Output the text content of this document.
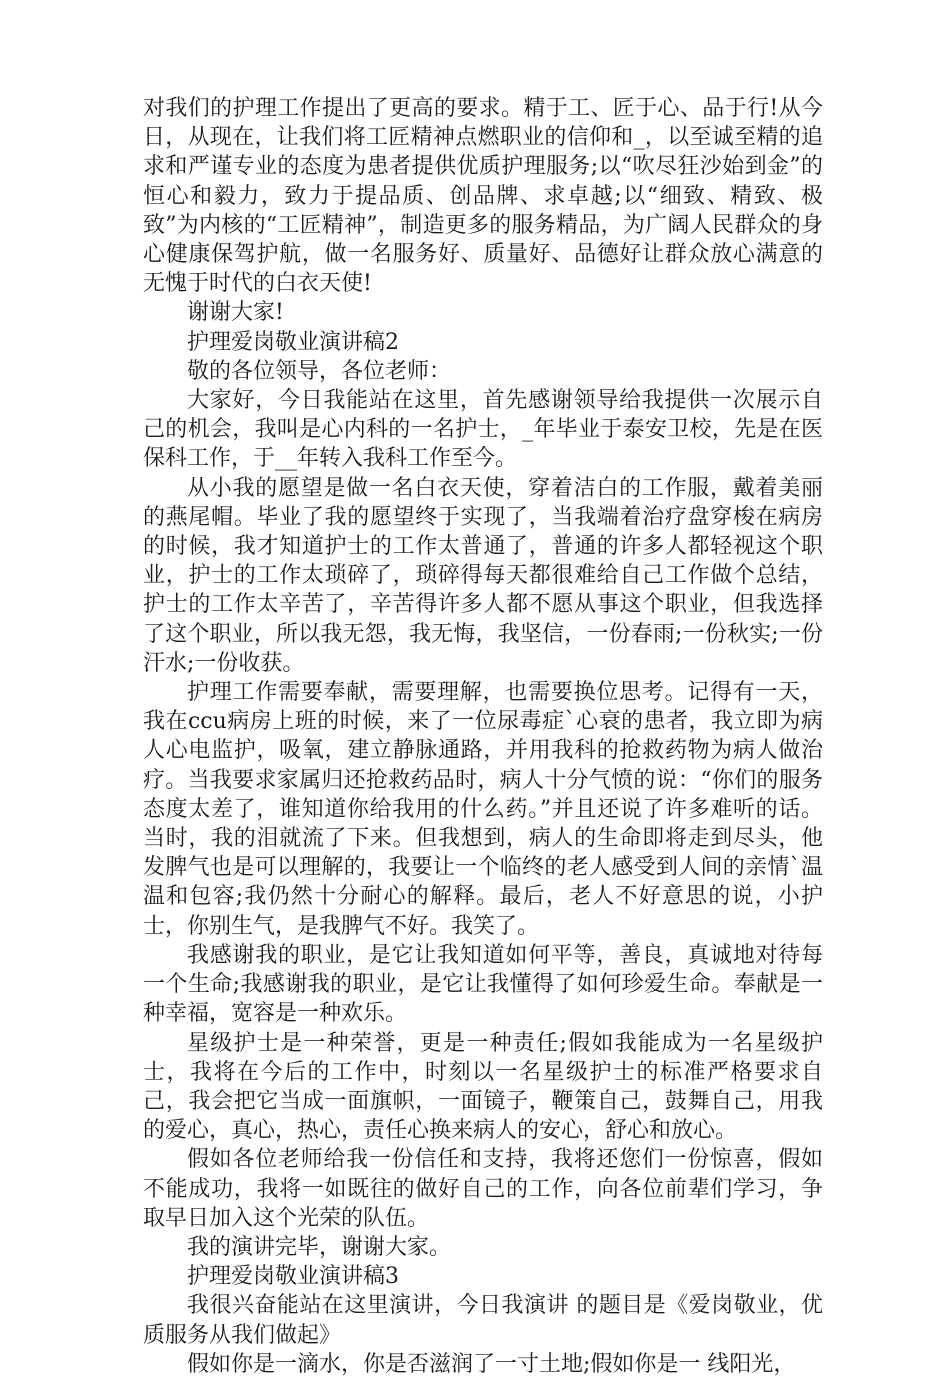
对我们的护理工作提出了更高的要求。精于工、匠于心、品于行!从今日，从现在，让我们将工匠精神点燃职业的信仰和_，以至诚至精的追求和严谨专业的态度为患者提供优质护理服务;以“吹尽狂沙始到金”的恒心和毅力，致力于提品质、创品牌、求卓越;以“细致、精致、极致”为内核的“工匠精神”，制造更多的服务精品，为广阔人民群众的身心健康保驾护航，做一名服务好、质量好、品德好让群众放心满意的无愧于时代的白衣天使!

谢谢大家!

护理爱岗敬业演讲稿2

敬的各位领导，各位老师：

大家好，今日我能站在这里，首先感谢领导给我提供一次展示自己的机会，我叫是心内科的一名护士，_年毕业于泰安卫校，先是在医保科工作，于__年转入我科工作至今。

从小我的愿望是做一名白衣天使，穿着洁白的工作服，戴着美丽的燕尾帽。毕业了我的愿望终于实现了，当我端着治疗盘穿梭在病房的时候，我才知道护士的工作太普通了，普通的许多人都轻视这个职业，护士的工作太琐碎了，琐碎得每天都很难给自己工作做个总结，护士的工作太辛苦了，辛苦得许多人都不愿从事这个职业，但我选择了这个职业，所以我无怨，我无悔，我坚信，一份春雨;一份秋实;一份汗水;一份收获。

护理工作需要奉献，需要理解，也需要换位思考。记得有一天，我在ccu病房上班的时候，来了一位尿毒症`心衰的患者，我立即为病人心电监护，吸氧，建立静脉通路，并用我科的抢救药物为病人做治疗。当我要求家属归还抢救药品时，病人十分气愤的说：“你们的服务态度太差了，谁知道你给我用的什么药。”并且还说了许多难听的话。当时，我的泪就流了下来。但我想到，病人的生命即将走到尽头，他发脾气也是可以理解的，我要让一个临终的老人感受到人间的亲情`温温和包容;我仍然十分耐心的解释。最后，老人不好意思的说，小护士，你别生气，是我脾气不好。我笑了。

我感谢我的职业，是它让我知道如何平等，善良，真诚地对待每一个生命;我感谢我的职业，是它让我懂得了如何珍爱生命。奉献是一种幸福，宽容是一种欢乐。

星级护士是一种荣誉，更是一种责任;假如我能成为一名星级护士，我将在今后的工作中，时刻以一名星级护士的标准严格要求自己，我会把它当成一面旗帜，一面镜子，鞭策自己，鼓舞自己，用我的爱心，真心，热心，责任心换来病人的安心，舒心和放心。

假如各位老师给我一份信任和支持，我将还您们一份惊喜，假如不能成功，我将一如既往的做好自己的工作，向各位前辈们学习，争取早日加入这个光荣的队伍。

我的演讲完毕，谢谢大家。

护理爱岗敬业演讲稿3

我很兴奋能站在这里演讲，今日我演讲 的题目是《爱岗敬业，优质服务从我们做起》

假如你是一滴水，你是否滋润了一寸土地;假如你是一 线阳光，
